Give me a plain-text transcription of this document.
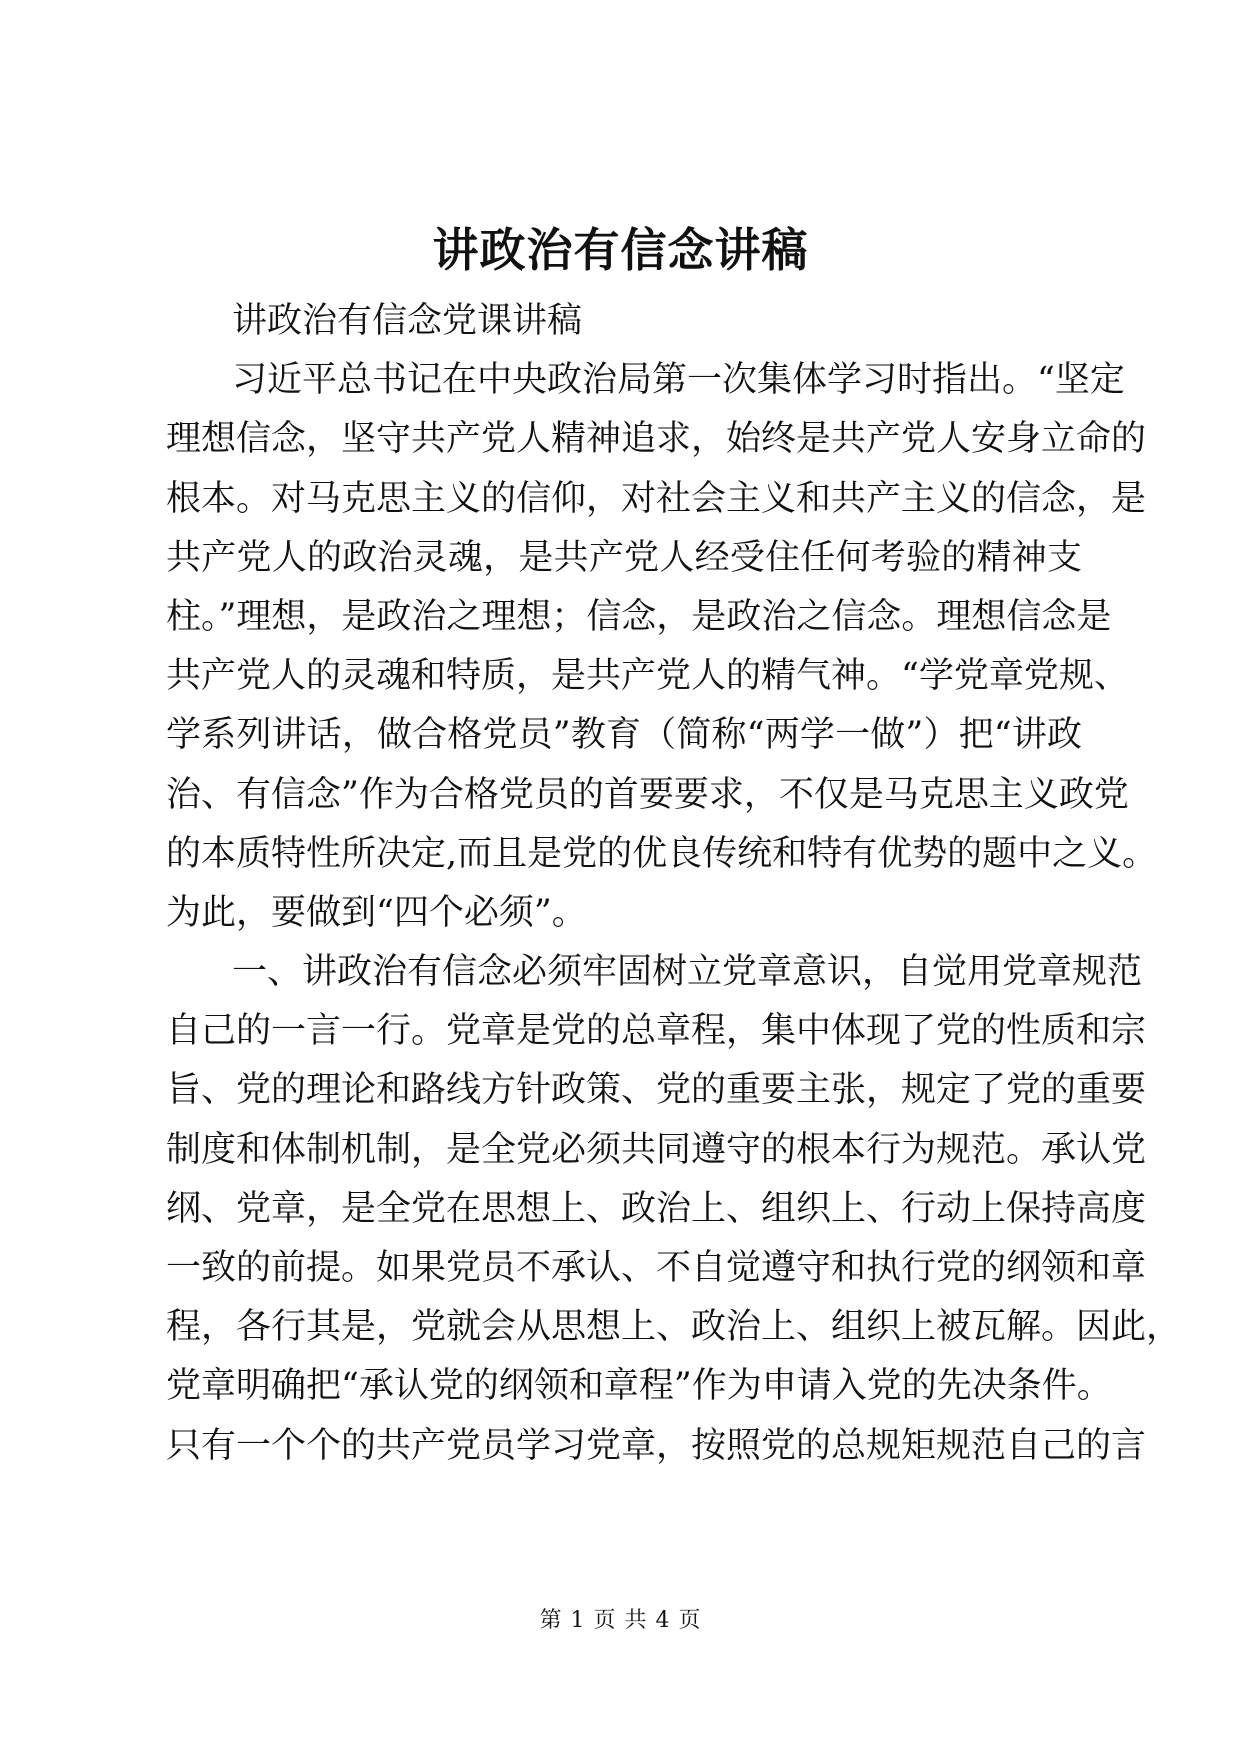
讲政治有信念讲稿
讲政治有信念党课讲稿
习近平总书记在中央政治局第一次集体学习时指出。“坚定
理想信念，坚守共产党人精神追求，始终是共产党人安身立命的
根本。对马克思主义的信仰，对社会主义和共产主义的信念，是
共产党人的政治灵魂，是共产党人经受住任何考验的精神支
柱。”理想，是政治之理想；信念，是政治之信念。理想信念是
共产党人的灵魂和特质，是共产党人的精气神。“学党章党规、
学系列讲话，做合格党员”教育（简称“两学一做”）把“讲政
治、有信念”作为合格党员的首要要求，不仅是马克思主义政党
的本质特性所决定,而且是党的优良传统和特有优势的题中之义。
为此，要做到“四个必须”。
一、讲政治有信念必须牢固树立党章意识，自觉用党章规范
自己的一言一行。党章是党的总章程，集中体现了党的性质和宗
旨、党的理论和路线方针政策、党的重要主张，规定了党的重要
制度和体制机制，是全党必须共同遵守的根本行为规范。承认党
纲、党章，是全党在思想上、政治上、组织上、行动上保持高度
一致的前提。如果党员不承认、不自觉遵守和执行党的纲领和章
程，各行其是，党就会从思想上、政治上、组织上被瓦解。因此，
党章明确把“承认党的纲领和章程”作为申请入党的先决条件。
只有一个个的共产党员学习党章，按照党的总规矩规范自己的言
第 1 页 共 4 页
